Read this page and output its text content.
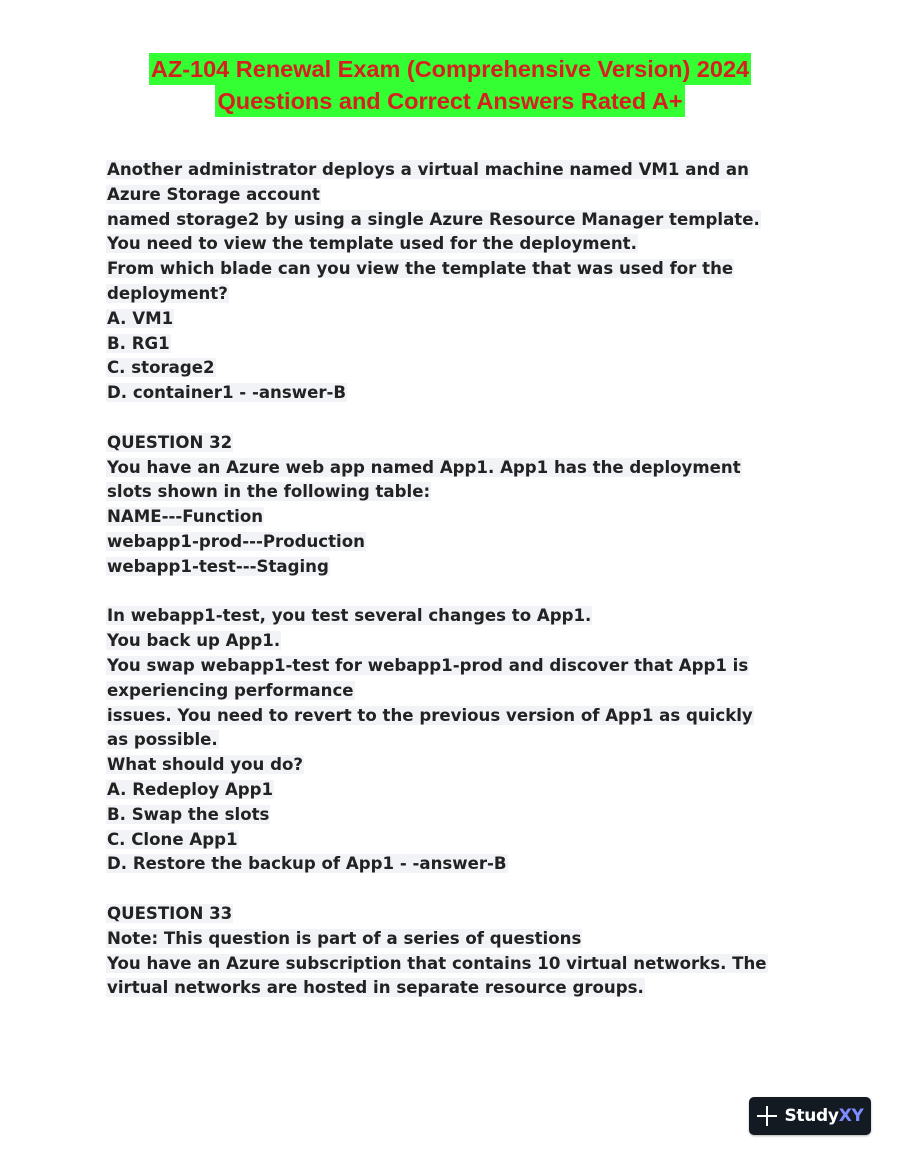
AZ-104 Renewal Exam (Comprehensive Version) 2024
Questions and Correct Answers Rated A+
Another administrator deploys a virtual machine named VM1 and an
Azure Storage account
named storage2 by using a single Azure Resource Manager template.
You need to view the template used for the deployment.
From which blade can you view the template that was used for the
deployment?
A. VM1
B. RG1
C. storage2
D. container1 - -answer-B
QUESTION 32
You have an Azure web app named App1. App1 has the deployment
slots shown in the following table:
NAME---Function
webapp1-prod---Production
webapp1-test---Staging
In webapp1-test, you test several changes to App1.
You back up App1.
You swap webapp1-test for webapp1-prod and discover that App1 is
experiencing performance
issues. You need to revert to the previous version of App1 as quickly
as possible.
What should you do?
A. Redeploy App1
B. Swap the slots
C. Clone App1
D. Restore the backup of App1 - -answer-B
QUESTION 33
Note: This question is part of a series of questions
You have an Azure subscription that contains 10 virtual networks. The
virtual networks are hosted in separate resource groups.
StudyXY
